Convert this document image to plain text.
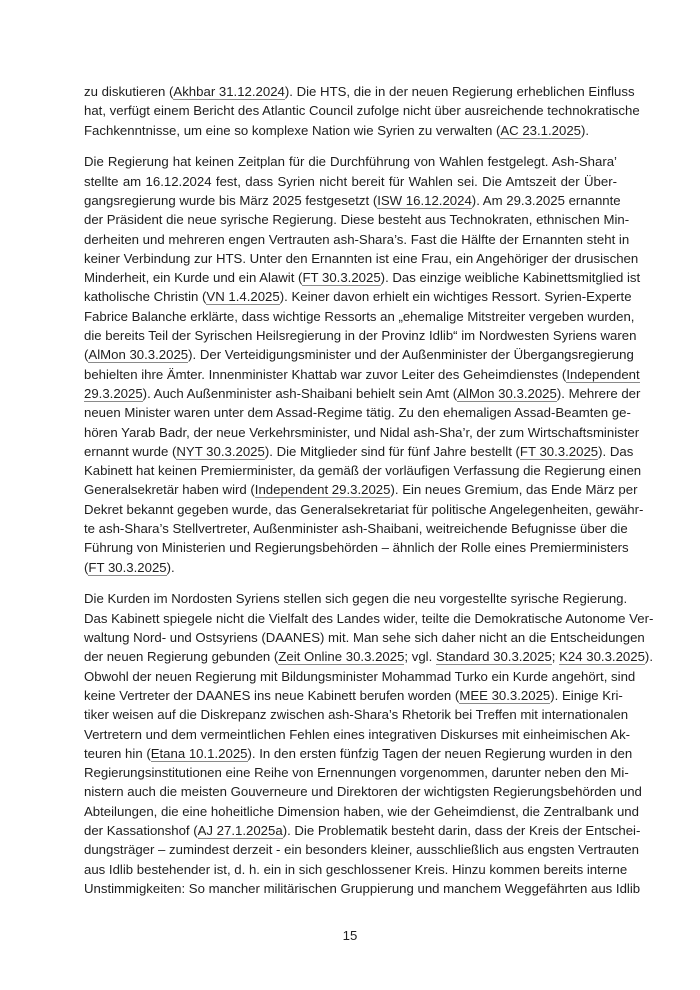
zu diskutieren (Akhbar 31.12.2024). Die HTS, die in der neuen Regierung erheblichen Einfluss
hat, verfügt einem Bericht des Atlantic Council zufolge nicht über ausreichende technokratische
Fachkenntnisse, um eine so komplexe Nation wie Syrien zu verwalten (AC 23.1.2025).
Die Regierung hat keinen Zeitplan für die Durchführung von Wahlen festgelegt. Ash-Shara’
stellte am 16.12.2024 fest, dass Syrien nicht bereit für Wahlen sei. Die Amtszeit der Über-
gangsregierung wurde bis März 2025 festgesetzt (ISW 16.12.2024). Am 29.3.2025 ernannte
der Präsident die neue syrische Regierung. Diese besteht aus Technokraten, ethnischen Min-
derheiten und mehreren engen Vertrauten ash-Shara’s. Fast die Hälfte der Ernannten steht in
keiner Verbindung zur HTS. Unter den Ernannten ist eine Frau, ein Angehöriger der drusischen
Minderheit, ein Kurde und ein Alawit (FT 30.3.2025). Das einzige weibliche Kabinettsmitglied ist
katholische Christin (VN 1.4.2025). Keiner davon erhielt ein wichtiges Ressort. Syrien-Experte
Fabrice Balanche erklärte, dass wichtige Ressorts an „ehemalige Mitstreiter vergeben wurden,
die bereits Teil der Syrischen Heilsregierung in der Provinz Idlib“ im Nordwesten Syriens waren
(AlMon 30.3.2025). Der Verteidigungsminister und der Außenminister der Übergangsregierung
behielten ihre Ämter. Innenminister Khattab war zuvor Leiter des Geheimdienstes (Independent
29.3.2025). Auch Außenminister ash-Shaibani behielt sein Amt (AlMon 30.3.2025). Mehrere der
neuen Minister waren unter dem Assad-Regime tätig. Zu den ehemaligen Assad-Beamten ge-
hören Yarab Badr, der neue Verkehrsminister, und Nidal ash-Sha’r, der zum Wirtschaftsminister
ernannt wurde (NYT 30.3.2025). Die Mitglieder sind für fünf Jahre bestellt (FT 30.3.2025). Das
Kabinett hat keinen Premierminister, da gemäß der vorläufigen Verfassung die Regierung einen
Generalsekretär haben wird (Independent 29.3.2025). Ein neues Gremium, das Ende März per
Dekret bekannt gegeben wurde, das Generalsekretariat für politische Angelegenheiten, gewähr-
te ash-Shara’s Stellvertreter, Außenminister ash-Shaibani, weitreichende Befugnisse über die
Führung von Ministerien und Regierungsbehörden – ähnlich der Rolle eines Premierministers
(FT 30.3.2025).
Die Kurden im Nordosten Syriens stellen sich gegen die neu vorgestellte syrische Regierung.
Das Kabinett spiegele nicht die Vielfalt des Landes wider, teilte die Demokratische Autonome Ver-
waltung Nord- und Ostsyriens (DAANES) mit. Man sehe sich daher nicht an die Entscheidungen
der neuen Regierung gebunden (Zeit Online 30.3.2025; vgl. Standard 30.3.2025; K24 30.3.2025).
Obwohl der neuen Regierung mit Bildungsminister Mohammad Turko ein Kurde angehört, sind
keine Vertreter der DAANES ins neue Kabinett berufen worden (MEE 30.3.2025). Einige Kri-
tiker weisen auf die Diskrepanz zwischen ash-Shara’s Rhetorik bei Treffen mit internationalen
Vertretern und dem vermeintlichen Fehlen eines integrativen Diskurses mit einheimischen Ak-
teuren hin (Etana 10.1.2025). In den ersten fünfzig Tagen der neuen Regierung wurden in den
Regierungsinstitutionen eine Reihe von Ernennungen vorgenommen, darunter neben den Mi-
nistern auch die meisten Gouverneure und Direktoren der wichtigsten Regierungsbehörden und
Abteilungen, die eine hoheitliche Dimension haben, wie der Geheimdienst, die Zentralbank und
der Kassationshof (AJ 27.1.2025a). Die Problematik besteht darin, dass der Kreis der Entschei-
dungsträger – zumindest derzeit - ein besonders kleiner, ausschließlich aus engsten Vertrauten
aus Idlib bestehender ist, d. h. ein in sich geschlossener Kreis. Hinzu kommen bereits interne
Unstimmigkeiten: So mancher militärischen Gruppierung und manchem Weggefährten aus Idlib
15
